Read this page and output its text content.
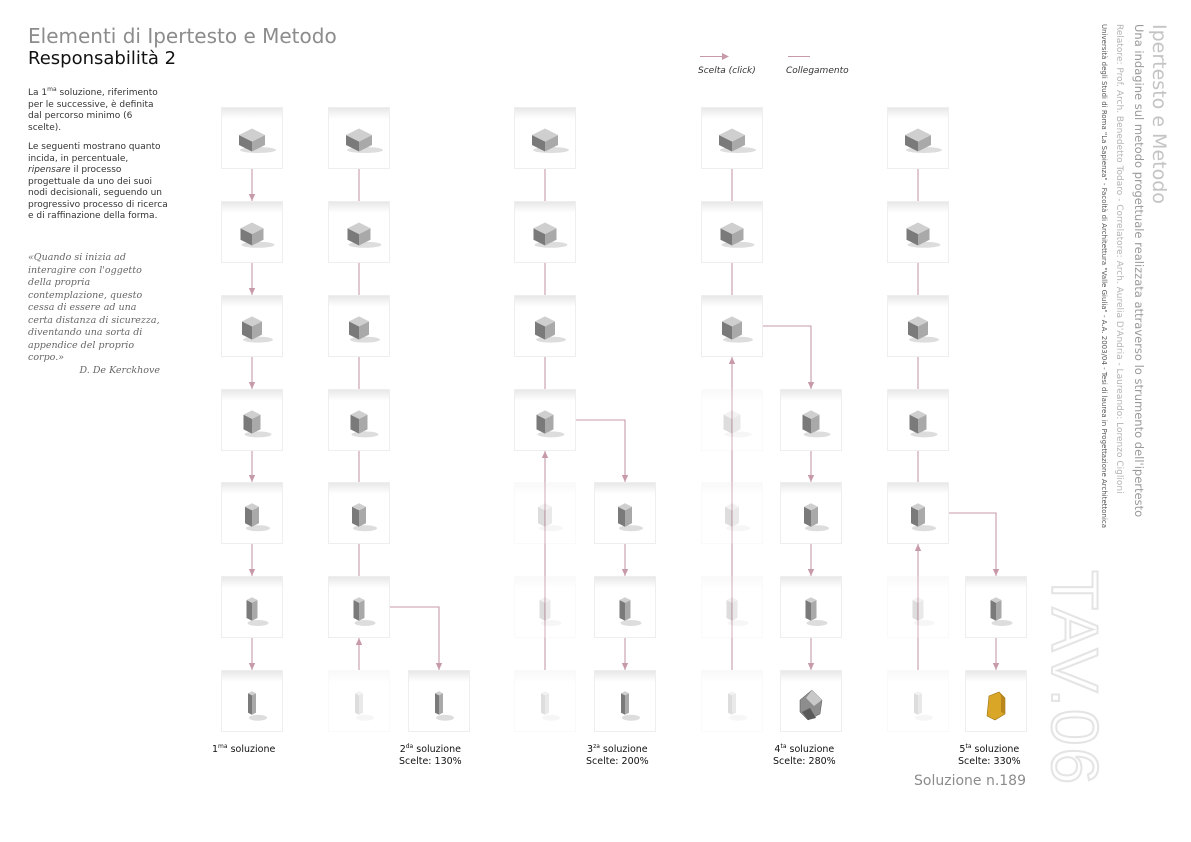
Elementi di Ipertesto e Metodo
Responsabilità 2

La $1^{ma}$ soluzione, riferimento per le successive, è definita dal percorso minimo (6 scelte).

Le seguenti mostrano quanto incida, in percentuale, ripensare il processo progettuale da uno dei suoi nodi decisionali, seguendo un progressivo processo di ricerca e di raffinazione della forma.

«Quando si inizia ad interagire con l'oggetto della propria contemplazione, questo cessa di essere ad una certa distanza di sicurezza, diventando una sorta di appendice del proprio corpo.»
D. De Kerckhove
Scelta (click)	Collegamento
$1^{ma}$ soluzione	$2^{da}$ soluzione
Scelte: 130%
$3^{za}$ soluzione
Scelte: 200%
$4^{ta}$ soluzione
Scelte: 280%
$5^{ta}$ soluzione
Scelte: 330%
Soluzione n.189 TAV.06
Ipertesto e Metodo
Una indagine sul metodo progettuale realizzata attraverso lo strumento dell'ipertesto
Relatore: Prof. Arch. Benedetto Todaro - Correlatore: Arch. Aurelia D'Andria - Laureando: Lorenzo Ciglioni
Università degli Studi di Roma "La Sapienza" - Facoltà di Architettura "Valle Giulia" - A.A. 2003/04 - Tesi di laurea in Progettazione Architettonica
